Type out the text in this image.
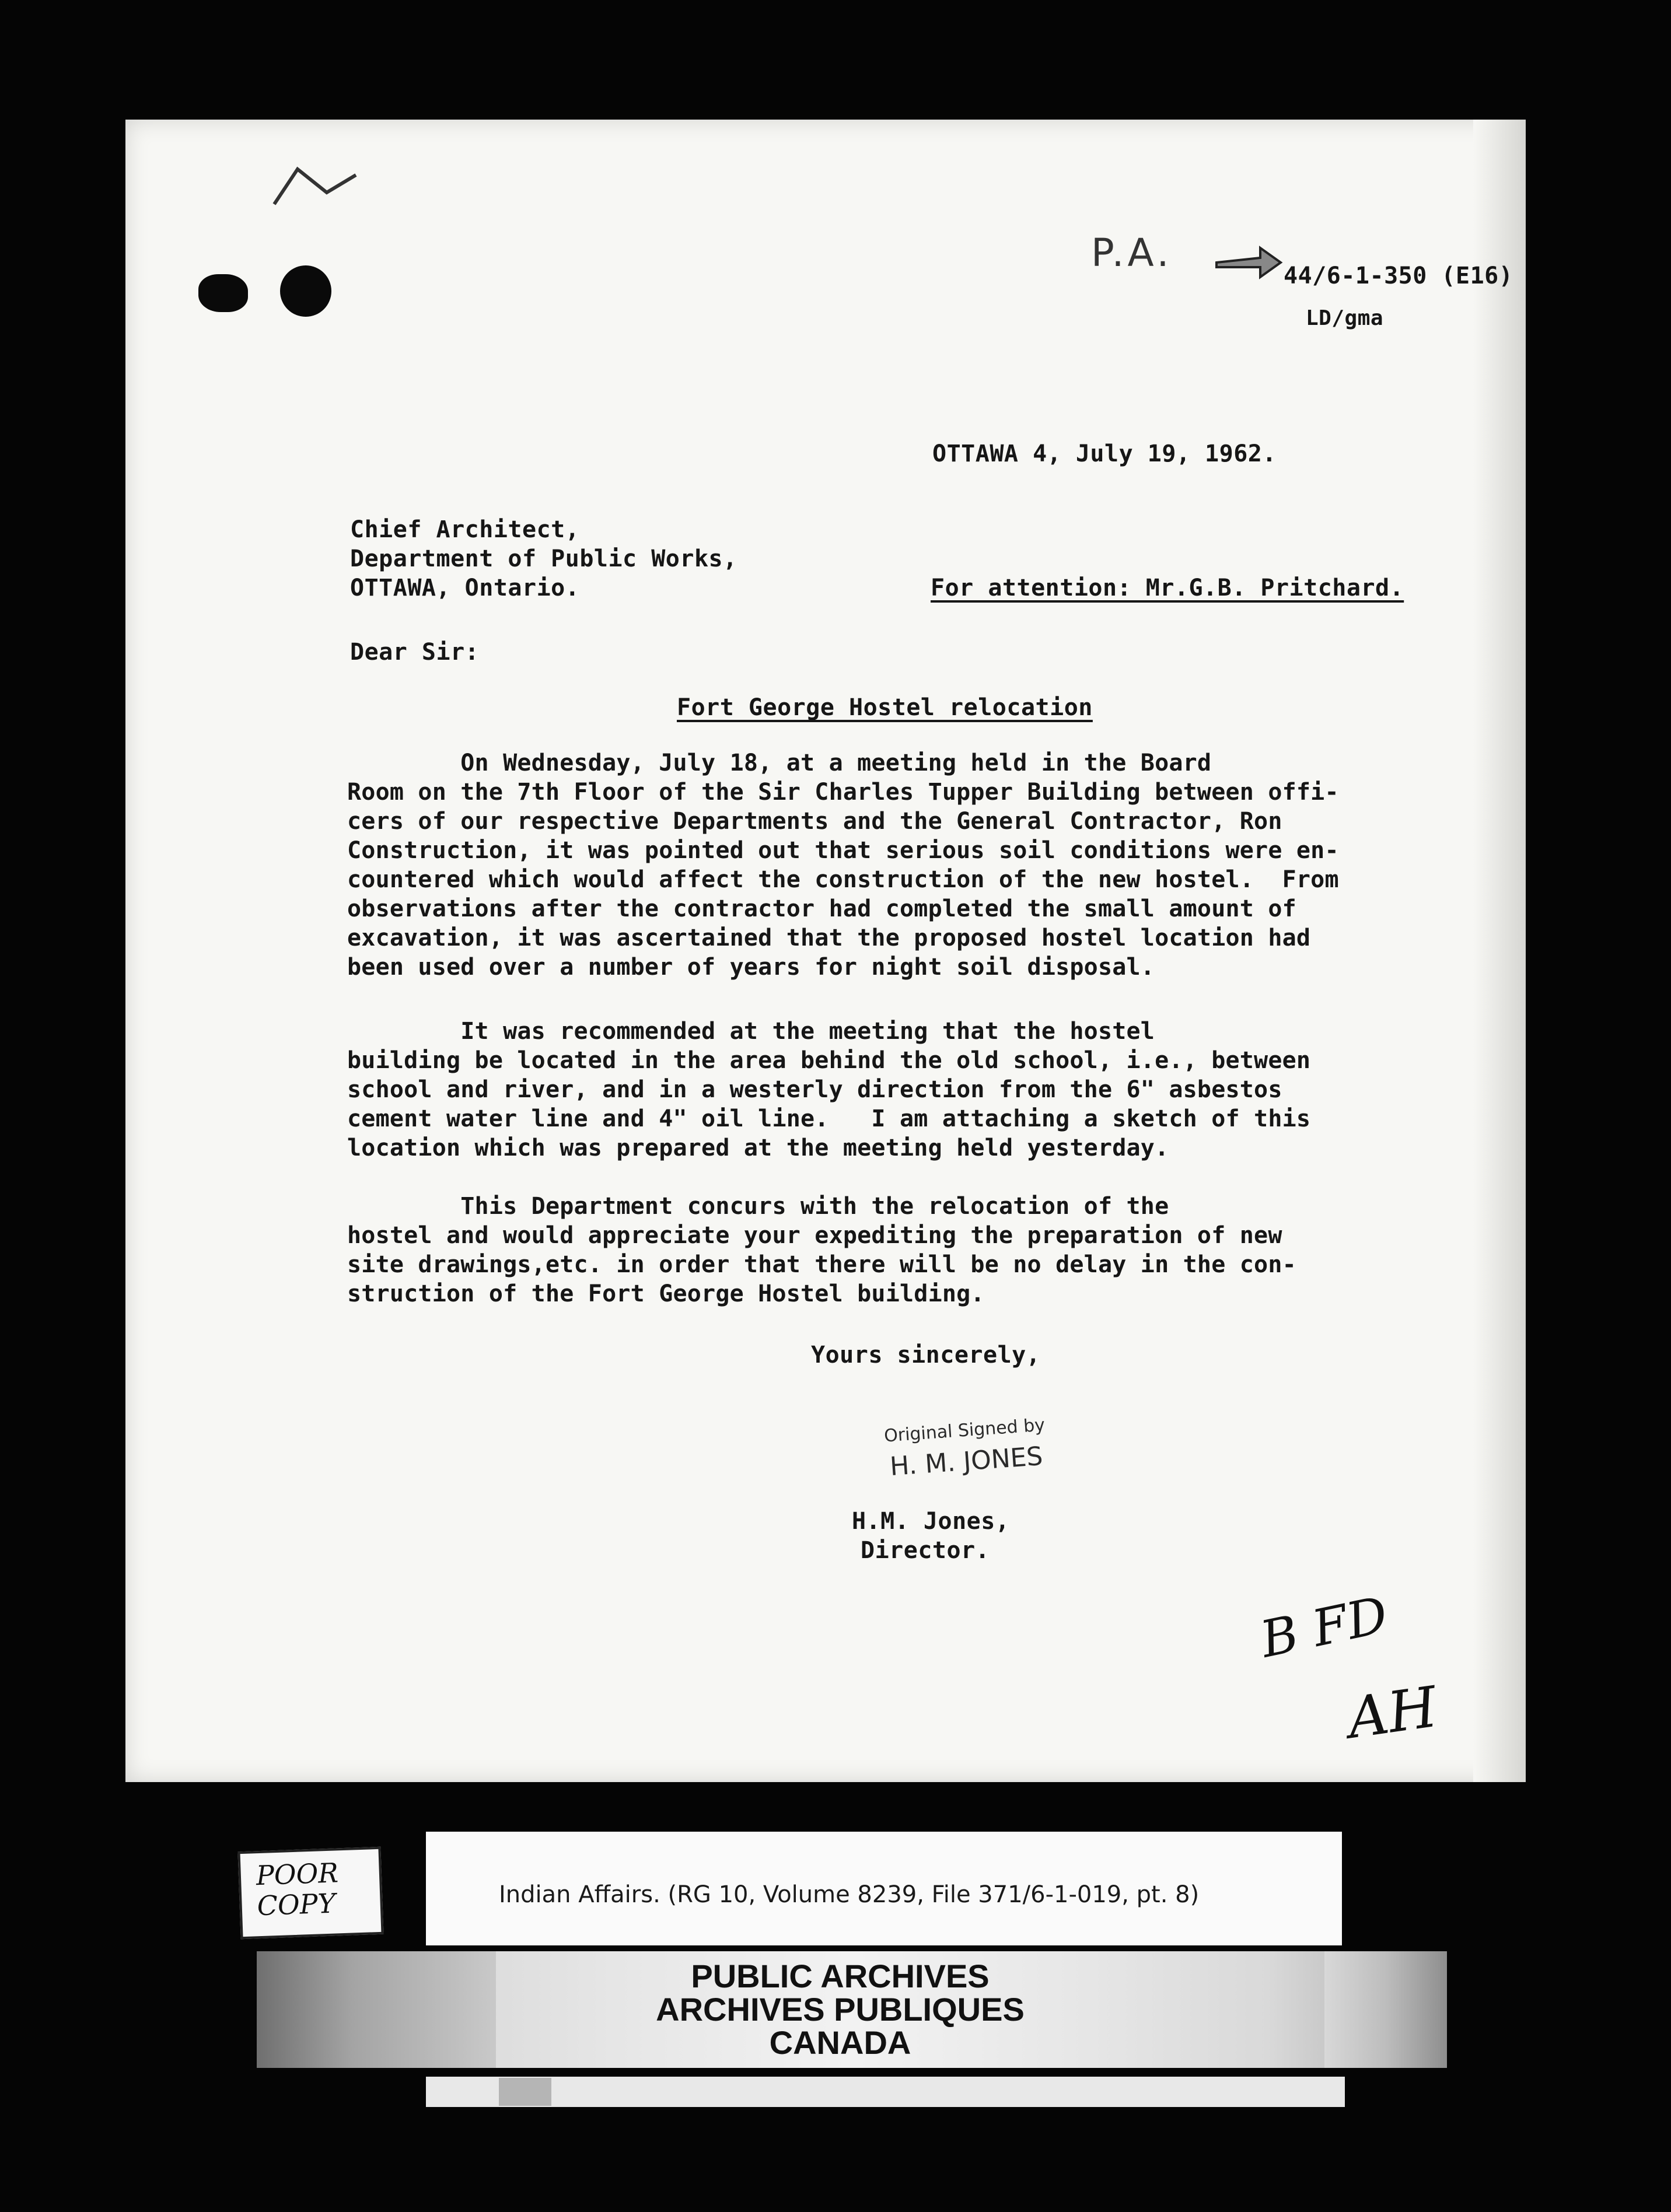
P.A.
44/6-1-350 (E16)
LD/gma
OTTAWA 4, July 19, 1962.
Chief Architect,
Department of Public Works,
OTTAWA, Ontario.	For attention: Mr.G.B. Pritchard.
Dear Sir:
Fort George Hostel relocation
On Wednesday, July 18, at a meeting held in the Board
Room on the 7th Floor of the Sir Charles Tupper Building between offi-
cers of our respective Departments and the General Contractor, Ron
Construction, it was pointed out that serious soil conditions were en-
countered which would affect the construction of the new hostel.  From
observations after the contractor had completed the small amount of
excavation, it was ascertained that the proposed hostel location had
been used over a number of years for night soil disposal.
It was recommended at the meeting that the hostel
building be located in the area behind the old school, i.e., between
school and river, and in a westerly direction from the 6" asbestos
cement water line and 4" oil line.   I am attaching a sketch of this
location which was prepared at the meeting held yesterday.
This Department concurs with the relocation of the
hostel and would appreciate your expediting the preparation of new
site drawings,etc. in order that there will be no delay in the con-
struction of the Fort George Hostel building.
Yours sincerely,
Original Signed by
H. M. JONES
H.M. Jones,
Director.
B FD
AH
POOR
COPY	Indian Affairs. (RG 10, Volume 8239, File 371/6-1-019, pt. 8)
PUBLIC ARCHIVES
ARCHIVES PUBLIQUES
CANADA
